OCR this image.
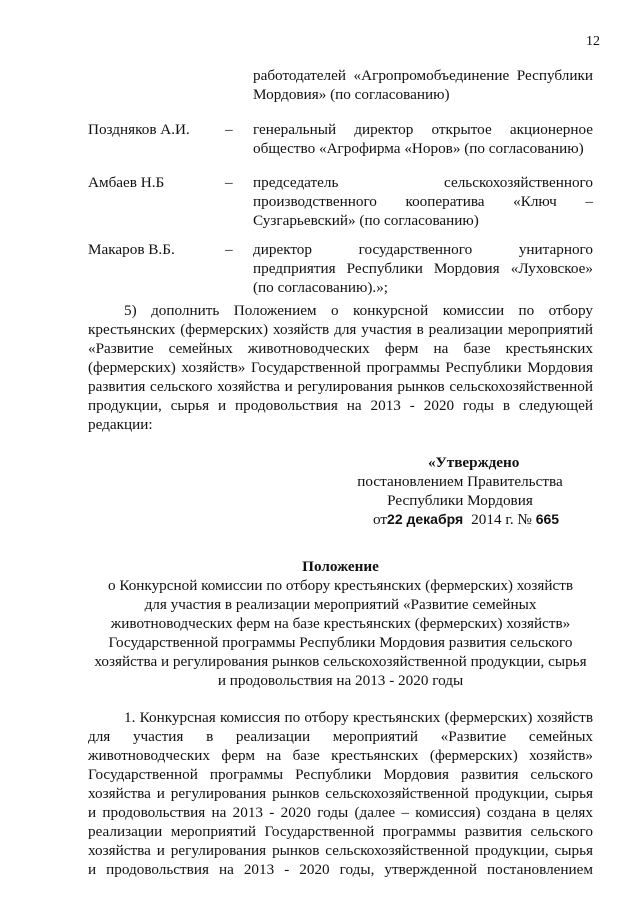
12
работодателей «Агропромобъединение Республики
Мордовия» (по согласованию)
Поздняков А.И. – генеральный директор открытое акционерное
общество «Агрофирма «Норов» (по согласованию)
Амбаев Н.Б	– председатель сельскохозяйственного
производственного кооператива «Ключ –
Сузгарьевский» (по согласованию)
Макаров В.Б.	– директор государственного унитарного
предприятия Республики Мордовия «Луховское»
(по согласованию).»;
5) дополнить Положением о конкурсной комиссии по отбору
крестьянских (фермерских) хозяйств для участия в реализации мероприятий
«Развитие семейных животноводческих ферм на базе крестьянских
(фермерских) хозяйств» Государственной программы Республики Мордовия
развития сельского хозяйства и регулирования рынков сельскохозяйственной
продукции, сырья и продовольствия на 2013 - 2020 годы в следующей
редакции:
«Утверждено
постановлением Правительства
Республики Мордовия
от22 декабря 2014 г. № 665
Положение
о Конкурсной комиссии по отбору крестьянских (фермерских) хозяйств
для участия в реализации мероприятий «Развитие семейных
животноводческих ферм на базе крестьянских (фермерских) хозяйств»
Государственной программы Республики Мордовия развития сельского
хозяйства и регулирования рынков сельскохозяйственной продукции, сырья
и продовольствия на 2013 - 2020 годы
1. Конкурсная комиссия по отбору крестьянских (фермерских) хозяйств
для участия в реализации мероприятий «Развитие семейных
животноводческих ферм на базе крестьянских (фермерских) хозяйств»
Государственной программы Республики Мордовия развития сельского
хозяйства и регулирования рынков сельскохозяйственной продукции, сырья
и продовольствия на 2013 - 2020 годы (далее – комиссия) создана в целях
реализации мероприятий Государственной программы развития сельского
хозяйства и регулирования рынков сельскохозяйственной продукции, сырья
и продовольствия на 2013 - 2020 годы, утвержденной постановлением
